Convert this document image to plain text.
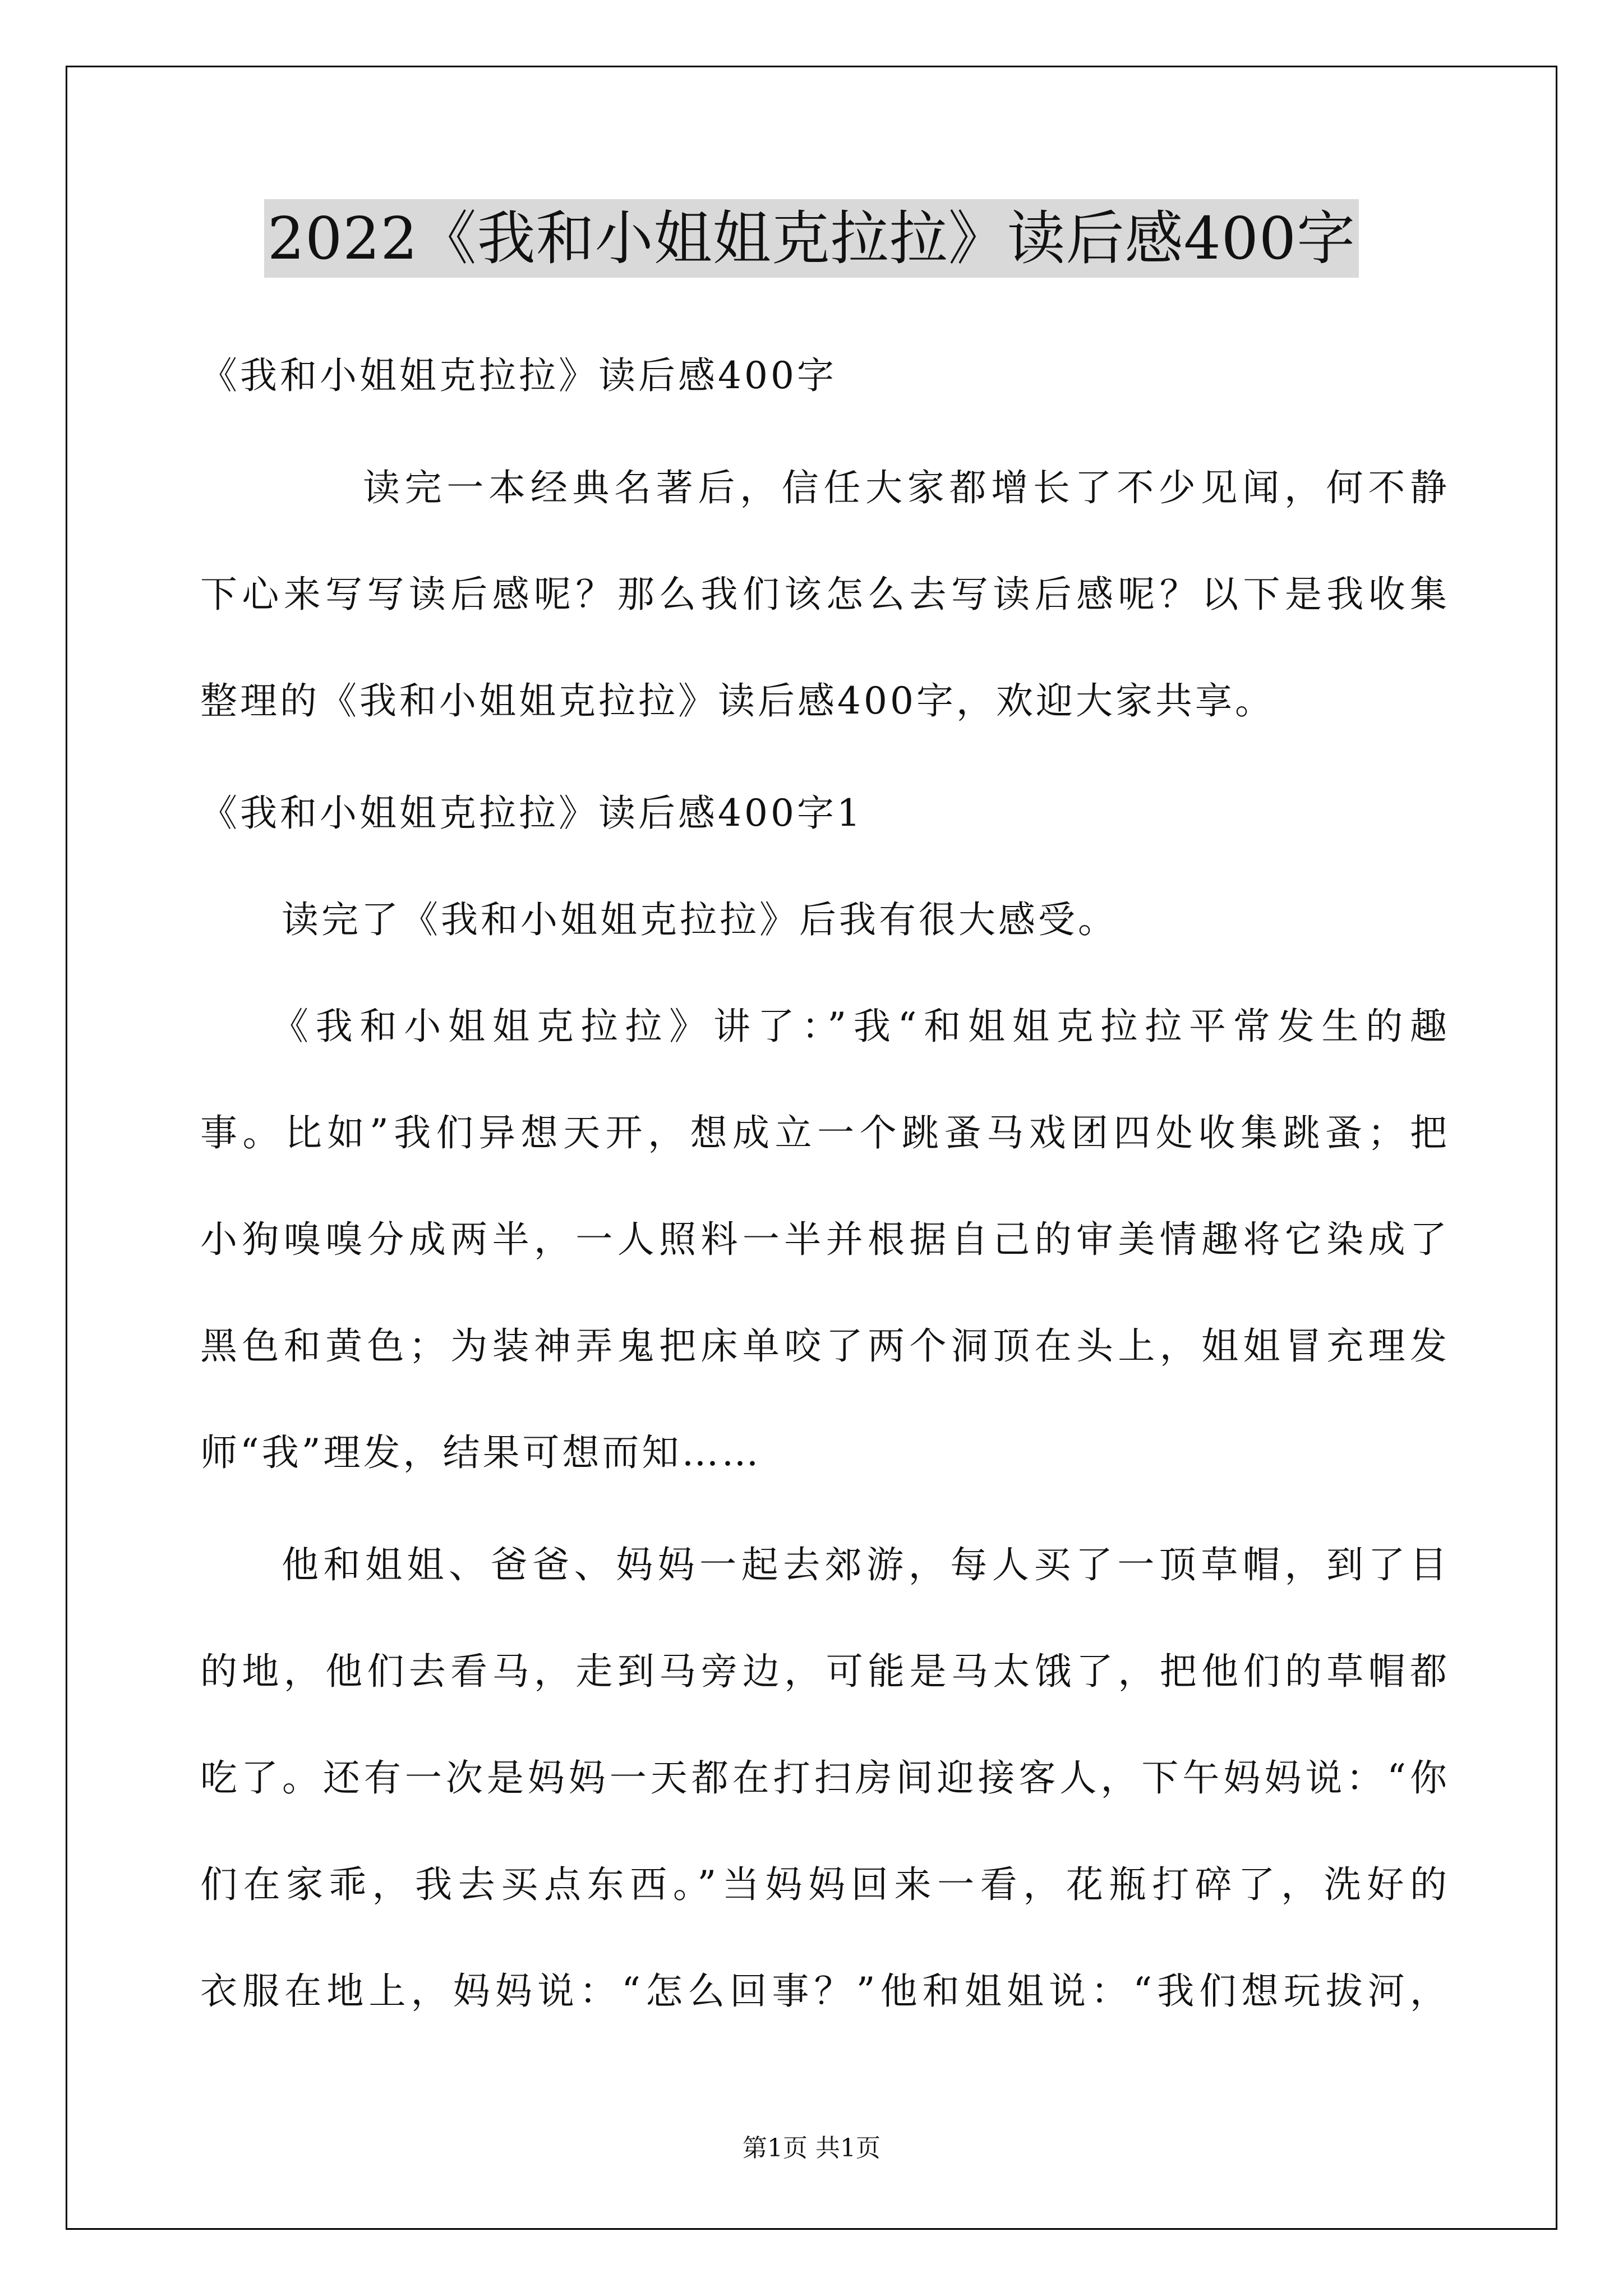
2022《我和小姐姐克拉拉》读后感400字
《我和小姐姐克拉拉》读后感400字
读完一本经典名著后，信任大家都增长了不少见闻，何不静
下心来写写读后感呢？那么我们该怎么去写读后感呢？以下是我收集
整理的《我和小姐姐克拉拉》读后感400字，欢迎大家共享。
《我和小姐姐克拉拉》读后感400字1
读完了《我和小姐姐克拉拉》后我有很大感受。
《我和小姐姐克拉拉》讲了：”我“和姐姐克拉拉平常发生的趣
事。比如”我们异想天开，想成立一个跳蚤马戏团四处收集跳蚤；把
小狗嗅嗅分成两半，一人照料一半并根据自己的审美情趣将它染成了
黑色和黄色；为装神弄鬼把床单咬了两个洞顶在头上，姐姐冒充理发
师“我”理发，结果可想而知……
他和姐姐、爸爸、妈妈一起去郊游，每人买了一顶草帽，到了目
的地，他们去看马，走到马旁边，可能是马太饿了，把他们的草帽都
吃了。还有一次是妈妈一天都在打扫房间迎接客人，下午妈妈说：“你
们在家乖，我去买点东西。”当妈妈回来一看，花瓶打碎了，洗好的
衣服在地上，妈妈说：“怎么回事？”他和姐姐说：“我们想玩拔河，
第1页 共1页
